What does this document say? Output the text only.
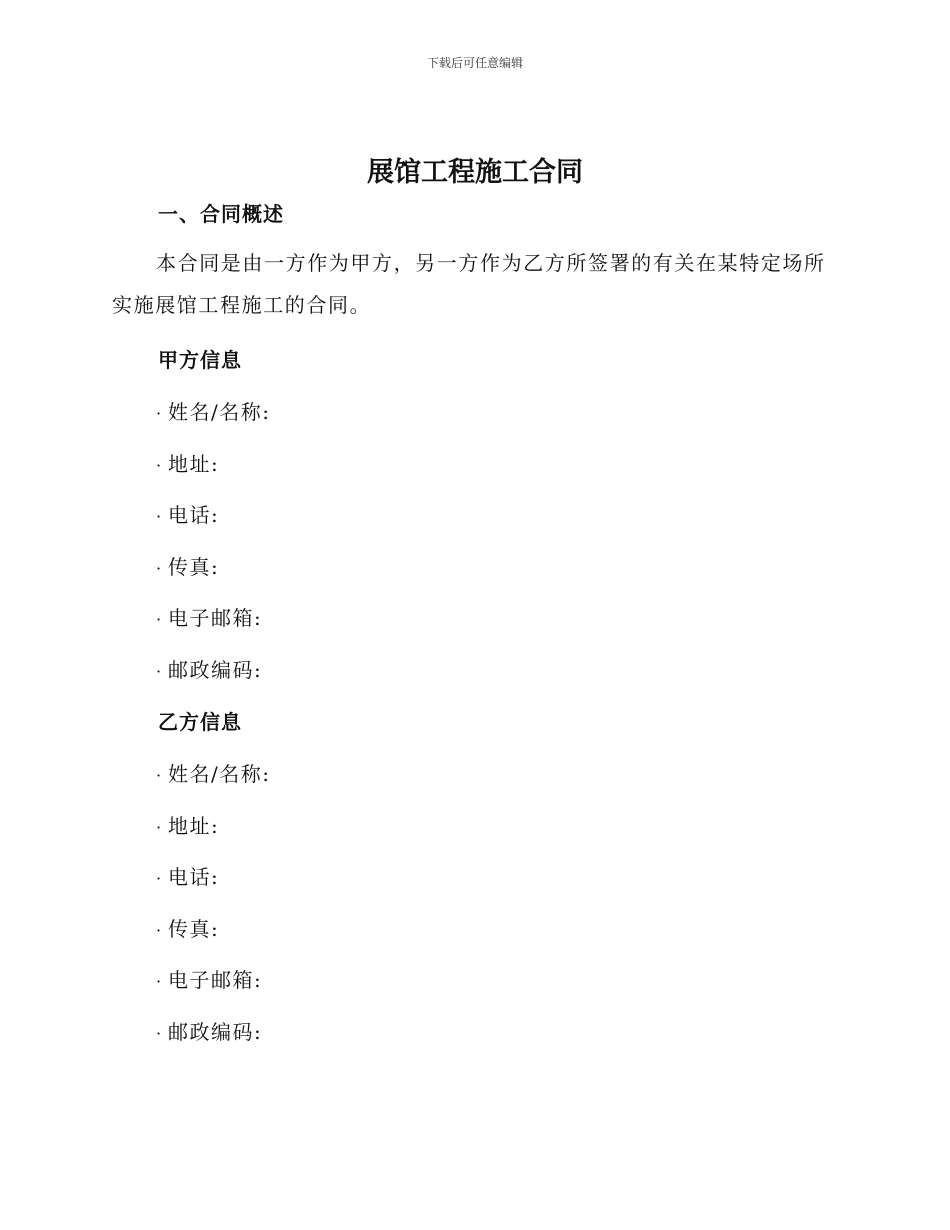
下载后可任意编辑
展馆工程施工合同
一、合同概述
本合同是由一方作为甲方，另一方作为乙方所签署的有关在某特定场所实施展馆工程施工的合同。
甲方信息
· 姓名/名称:
· 地址:
· 电话:
· 传真:
· 电子邮箱:
· 邮政编码:
乙方信息
· 姓名/名称:
· 地址:
· 电话:
· 传真:
· 电子邮箱:
· 邮政编码:
